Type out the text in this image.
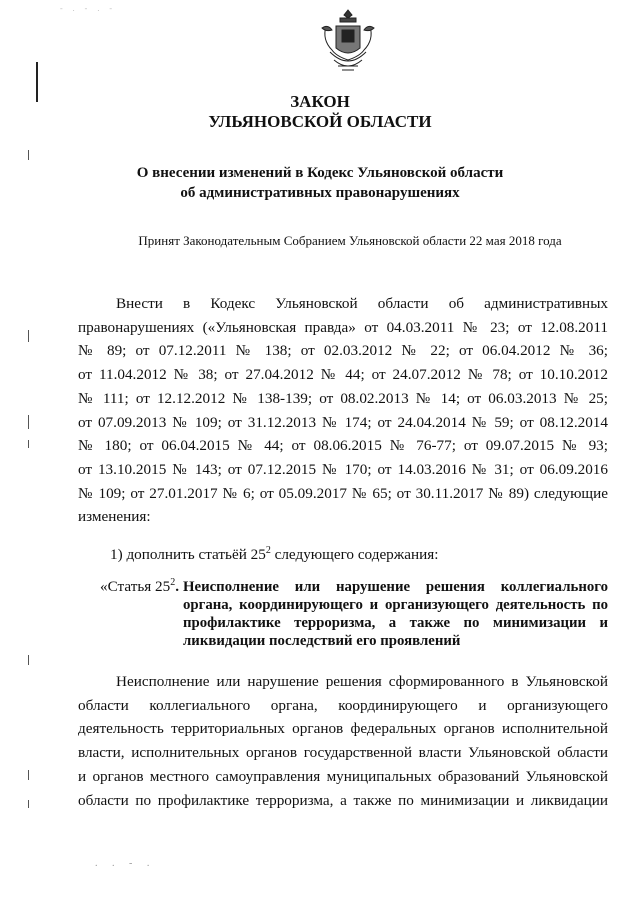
ЗАКОН
УЛЬЯНОВСКОЙ ОБЛАСТИ
О внесении изменений в Кодекс Ульяновской области
об административных правонарушениях
Принят Законодательным Собранием Ульяновской области 22 мая 2018 года
Внести в Кодекс Ульяновской области об административных
правонарушениях («Ульяновская правда» от 04.03.2011 № 23; от 12.08.2011
№ 89; от 07.12.2011 № 138; от 02.03.2012 № 22; от 06.04.2012 № 36;
от 11.04.2012 № 38; от 27.04.2012 № 44; от 24.07.2012 № 78; от 10.10.2012
№ 111; от 12.12.2012 № 138-139; от 08.02.2013 № 14; от 06.03.2013 № 25;
от 07.09.2013 № 109; от 31.12.2013 № 174; от 24.04.2014 № 59; от 08.12.2014
№ 180; от 06.04.2015 № 44; от 08.06.2015 № 76-77; от 09.07.2015 № 93;
от 13.10.2015 № 143; от 07.12.2015 № 170; от 14.03.2016 № 31; от 06.09.2016
№ 109; от 27.01.2017 № 6; от 05.09.2017 № 65; от 30.11.2017 № 89) следующие
изменения:
1) дополнить статьёй $25^2$ следующего содержания:
«Статья $25^2$. Неисполнение или нарушение решения коллегиального органа, координирующего и организующего деятельность по профилактике терроризма, а также по минимизации и ликвидации последствий его проявлений
Неисполнение или нарушение решения сформированного в Ульяновской
области коллегиального органа, координирующего и организующего
деятельность территориальных органов федеральных органов исполнительной
власти, исполнительных органов государственной власти Ульяновской области
и органов местного самоуправления муниципальных образований Ульяновской
области по профилактике терроризма, а также по минимизации и ликвидации
. . - .
- . - . -
